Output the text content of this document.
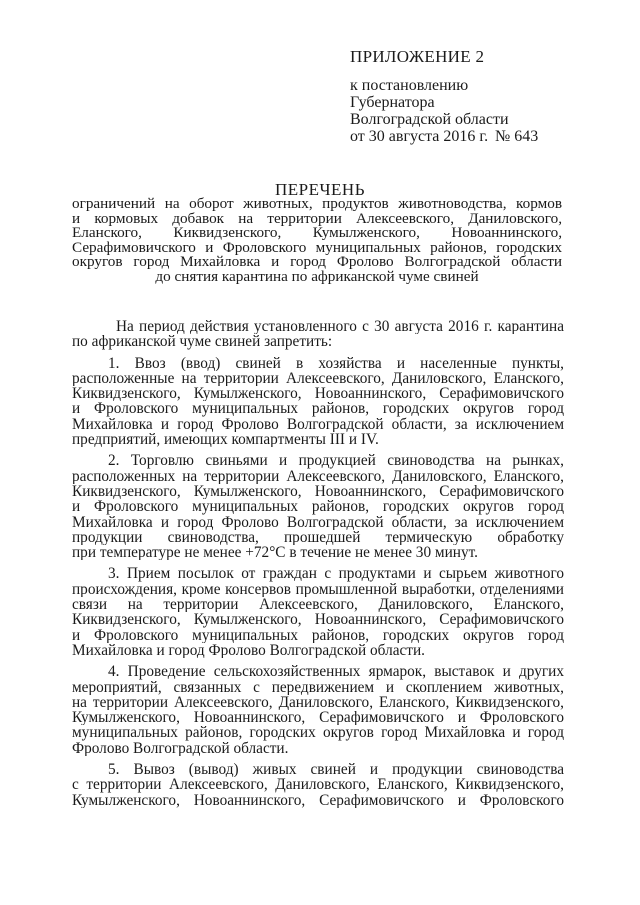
ПРИЛОЖЕНИЕ 2
к постановлению
Губернатора
Волгоградской области
от 30 августа 2016 г. № 643
ПЕРЕЧЕНЬ
ограничений на оборот животных, продуктов животноводства, кормов
и кормовых добавок на территории Алексеевского, Даниловского,
Еланского, Киквидзенского, Кумылженского, Новоаннинского,
Серафимовичского и Фроловского муниципальных районов, городских
округов город Михайловка и город Фролово Волгоградской области
до снятия карантина по африканской чуме свиней
На период действия установленного с 30 августа 2016 г. карантина
по африканской чуме свиней запретить:
1. Ввоз (ввод) свиней в хозяйства и населенные пункты,
расположенные на территории Алексеевского, Даниловского, Еланского,
Киквидзенского, Кумылженского, Новоаннинского, Серафимовичского
и Фроловского муниципальных районов, городских округов город
Михайловка и город Фролово Волгоградской области, за исключением
предприятий, имеющих компартменты III и IV.
2. Торговлю свиньями и продукцией свиноводства на рынках,
расположенных на территории Алексеевского, Даниловского, Еланского,
Киквидзенского, Кумылженского, Новоаннинского, Серафимовичского
и Фроловского муниципальных районов, городских округов город
Михайловка и город Фролово Волгоградской области, за исключением
продукции свиноводства, прошедшей термическую обработку
при температуре не менее +72°C в течение не менее 30 минут.
3. Прием посылок от граждан с продуктами и сырьем животного
происхождения, кроме консервов промышленной выработки, отделениями
связи на территории Алексеевского, Даниловского, Еланского,
Киквидзенского, Кумылженского, Новоаннинского, Серафимовичского
и Фроловского муниципальных районов, городских округов город
Михайловка и город Фролово Волгоградской области.
4. Проведение сельскохозяйственных ярмарок, выставок и других
мероприятий, связанных с передвижением и скоплением животных,
на территории Алексеевского, Даниловского, Еланского, Киквидзенского,
Кумылженского, Новоаннинского, Серафимовичского и Фроловского
муниципальных районов, городских округов город Михайловка и город
Фролово Волгоградской области.
5. Вывоз (вывод) живых свиней и продукции свиноводства
с территории Алексеевского, Даниловского, Еланского, Киквидзенского,
Кумылженского, Новоаннинского, Серафимовичского и Фроловского
